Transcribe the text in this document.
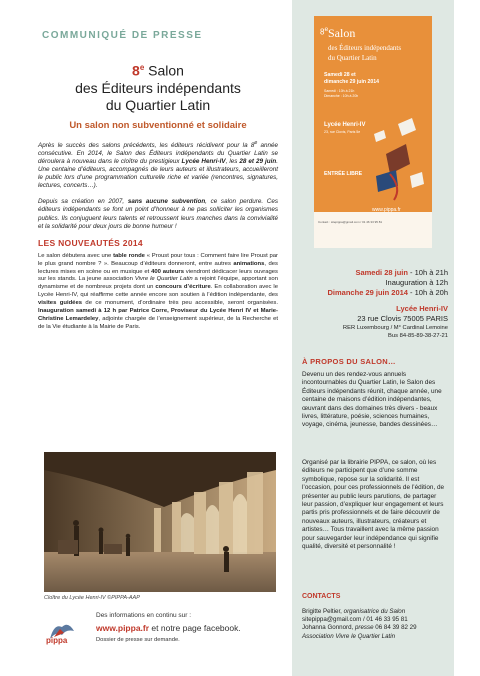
COMMUNIQUÉ DE PRESSE
8e Salon
des Éditeurs indépendants
du Quartier Latin
Un salon non subventionné et solidaire

Après le succès des salons précédents, les éditeurs récidivent pour la 8e année consécutive. En 2014, le Salon des Éditeurs indépendants du Quartier Latin se déroulera à nouveau dans le cloître du prestigieux Lycée Henri-IV, les 28 et 29 juin. Une centaine d’éditeurs, accompagnés de leurs auteurs et illustrateurs, accueilleront le public lors d’une programmation culturelle riche et variée (rencontres, signatures, lectures, concerts…).

Depuis sa création en 2007, sans aucune subvention, ce salon perdure. Ces éditeurs indépendants se font un point d’honneur à ne pas solliciter les organismes publics. Ils conjuguent leurs talents et retroussent leurs manches dans la convivialité et la solidarité pour deux jours de bonne humeur !

LES NOUVEAUTÉS 2014

Le salon débutera avec une table ronde « Proust pour tous : Comment faire lire Proust par le plus grand nombre ? ». Beaucoup d’éditeurs donneront, entre autres animations, des lectures mises en scène ou en musique et 400 auteurs viendront dédicacer leurs ouvrages sur les stands. La jeune association Vivre le Quartier Latin a rejoint l’équipe, apportant son dynamisme et de nombreux projets dont un concours d’écriture. En collaboration avec le Lycée Henri-IV, qui réaffirme cette année encore son soutien à l’édition indépendante, des visites guidées de ce monument, d’ordinaire très peu accessible, seront organisées. Inauguration samedi à 12 h par Patrice Corre, Proviseur du Lycée Henri IV et Marie-Christine Lemardeley, adjointe chargée de l’enseignement supérieur, de la Recherche et de la Vie étudiante à la Mairie de Paris.

Cloître du Lycée Henri-IV ©PIPPA-AAP
pippa
Des informations en continu sur :
www.pippa.fr et notre page facebook.
Dossier de presse sur demande.
8e Salon
des Éditeurs indépendants
du Quartier Latin
Samedi 28 et
dimanche 29 juin 2014
Samedi : 10h à 21h
Dimanche : 10h à 20h
Lycée Henri-IV
23, rue Clovis, Paris 5e
ENTRÉE LIBRE
www.pippa.fr
Contact : sitepippa@gmail.com / 01 46 33 95 81
Samedi 28 juin - 10h à 21h
Inauguration à 12h
Dimanche 29 juin 2014 - 10h à 20h
Lycée Henri-IV
23 rue Clovis 75005 PARIS
RER Luxembourg / M° Cardinal Lemoine
Bus 84-85-89-38-27-21
À PROPOS DU SALON…
Devenu un des rendez-vous annuels incontournables du Quartier Latin, le Salon des Éditeurs indépendants réunit, chaque année, une centaine de maisons d’édition indépendantes, œuvrant dans des domaines très divers - beaux livres, littérature, poésie, sciences humaines, voyage, cinéma, jeunesse, bandes dessinées…
Organisé par la librairie PIPPA, ce salon, où les éditeurs ne participent que d’une somme symbolique, repose sur la solidarité. Il est l’occasion, pour ces professionnels de l’édition, de présenter au public leurs parutions, de partager leur passion, d’expliquer leur engagement et leurs partis pris professionnels et de faire découvrir de nouveaux auteurs, illustrateurs, créateurs et artistes… Tous travaillent avec la même passion pour sauvegarder leur indépendance qui signifie qualité, diversité et personnalité !
CONTACTS
Brigitte Peltier, organisatrice du Salon
sitepippa@gmail.com / 01 46 33 95 81
Johanna Gonnord, presse 06 84 39 82 29
Association Vivre le Quartier Latin
